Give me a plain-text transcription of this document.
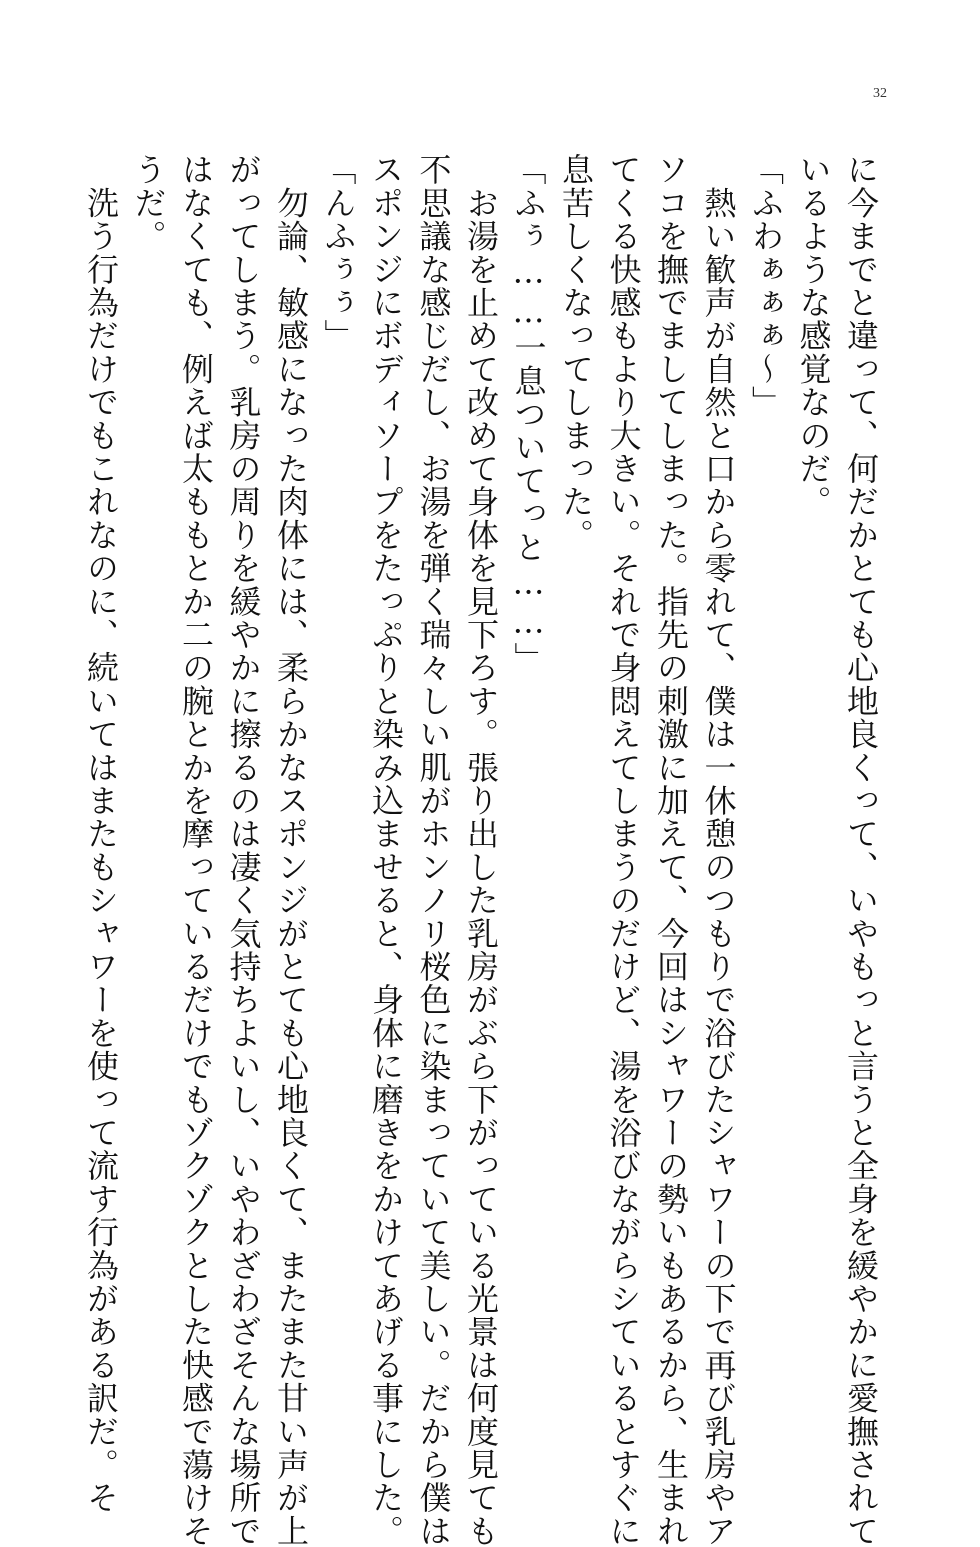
32
に今までと違って、何だかとても心地良くって、いやもっと言うと全身を緩やかに愛撫されて
いるような感覚なのだ。
「ふわぁぁぁ～」
　熱い歓声が自然と口から零れて、僕は一休憩のつもりで浴びたシャワーの下で再び乳房やア
ソコを撫でましてしまった。指先の刺激に加えて、今回はシャワーの勢いもあるから、生まれ
てくる快感もより大きい。それで身悶えてしまうのだけど、湯を浴びながらシているとすぐに
息苦しくなってしまった。
「ふぅ……一息ついてっと……」
　お湯を止めて改めて身体を見下ろす。張り出した乳房がぶら下がっている光景は何度見ても
不思議な感じだし、お湯を弾く瑞々しい肌がホンノリ桜色に染まっていて美しい。だから僕は
スポンジにボディソープをたっぷりと染み込ませると、身体に磨きをかけてあげる事にした。
「んふぅぅ」
　勿論、敏感になった肉体には、柔らかなスポンジがとても心地良くて、またまた甘い声が上
がってしまう。乳房の周りを緩やかに擦るのは凄く気持ちよいし、いやわざわざそんな場所で
はなくても、例えば太ももとか二の腕とかを摩っているだけでもゾクゾクとした快感で蕩けそ
うだ。
　洗う行為だけでもこれなのに、続いてはまたもシャワーを使って流す行為がある訳だ。そ
